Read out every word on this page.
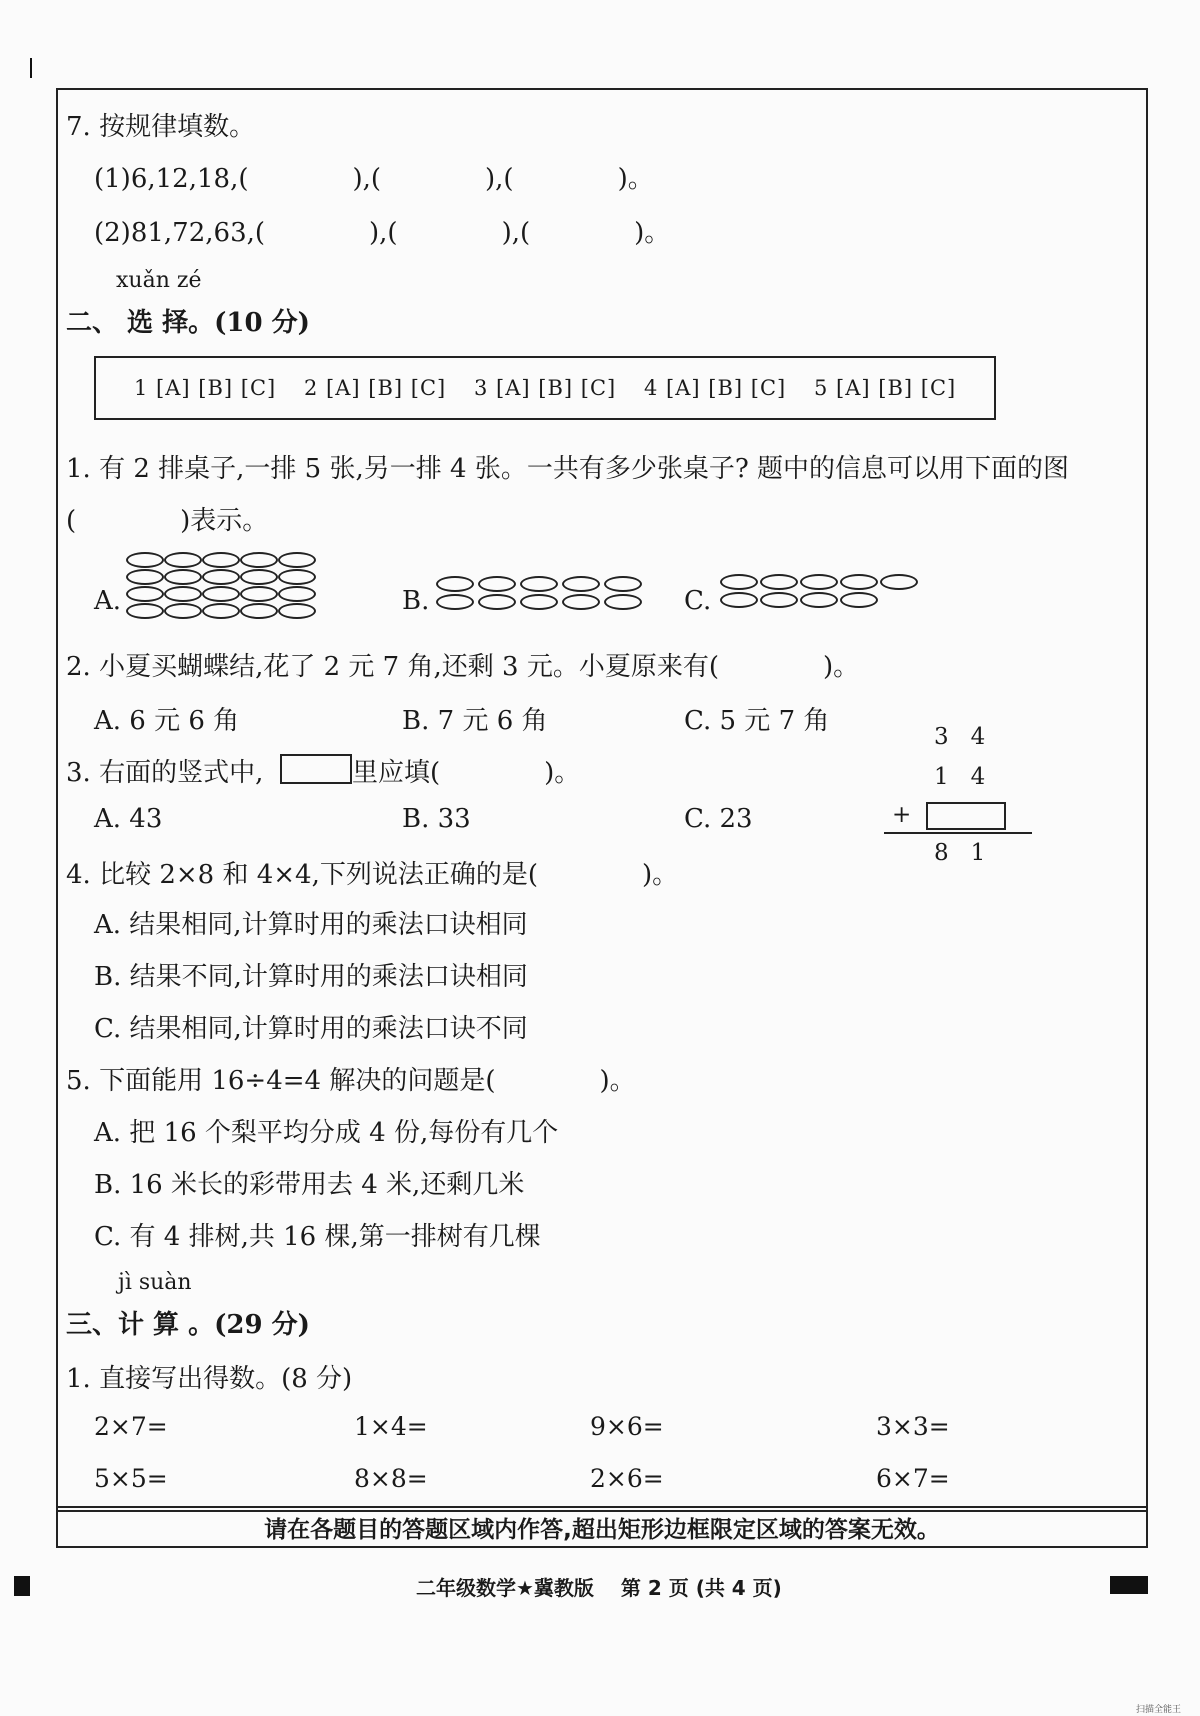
7. 按规律填数。
(1)6,12,18,(　　　　),(　　　　),(　　　　)。
(2)81,72,63,(　　　　),(　　　　),(　　　　)。
xuǎn zé
二、 选 择。(10 分)
1 [A] [B] [C] 2 [A] [B] [C] 3 [A] [B] [C] 4 [A] [B] [C] 5 [A] [B] [C]
1. 有 2 排桌子,一排 5 张,另一排 4 张。一共有多少张桌子? 题中的信息可以用下面的图
(　　　　)表示。
A.	B.	C.
2. 小夏买蝴蝶结,花了 2 元 7 角,还剩 3 元。小夏原来有(　　　　)。
A. 6 元 6 角	B. 7 元 6 角	C. 5 元 7 角
3. 右面的竖式中,	里应填(　　　　)。
A. 43	B. 33	C. 23
3   4
1   4
+
8   1
4. 比较 2×8 和 4×4,下列说法正确的是(　　　　)。
A. 结果相同,计算时用的乘法口诀相同
B. 结果不同,计算时用的乘法口诀相同
C. 结果相同,计算时用的乘法口诀不同
5. 下面能用 16÷4=4 解决的问题是(　　　　)。
A. 把 16 个梨平均分成 4 份,每份有几个
B. 16 米长的彩带用去 4 米,还剩几米
C. 有 4 排树,共 16 棵,第一排树有几棵
jì suàn
三、计 算 。(29 分)
1. 直接写出得数。(8 分)
2×7=	1×4=	9×6=	3×3=
5×5=	8×8=	2×6=	6×7=
请在各题目的答题区域内作答,超出矩形边框限定区域的答案无效。
二年级数学★冀教版　 第 2 页 (共 4 页)
扫描全能王
